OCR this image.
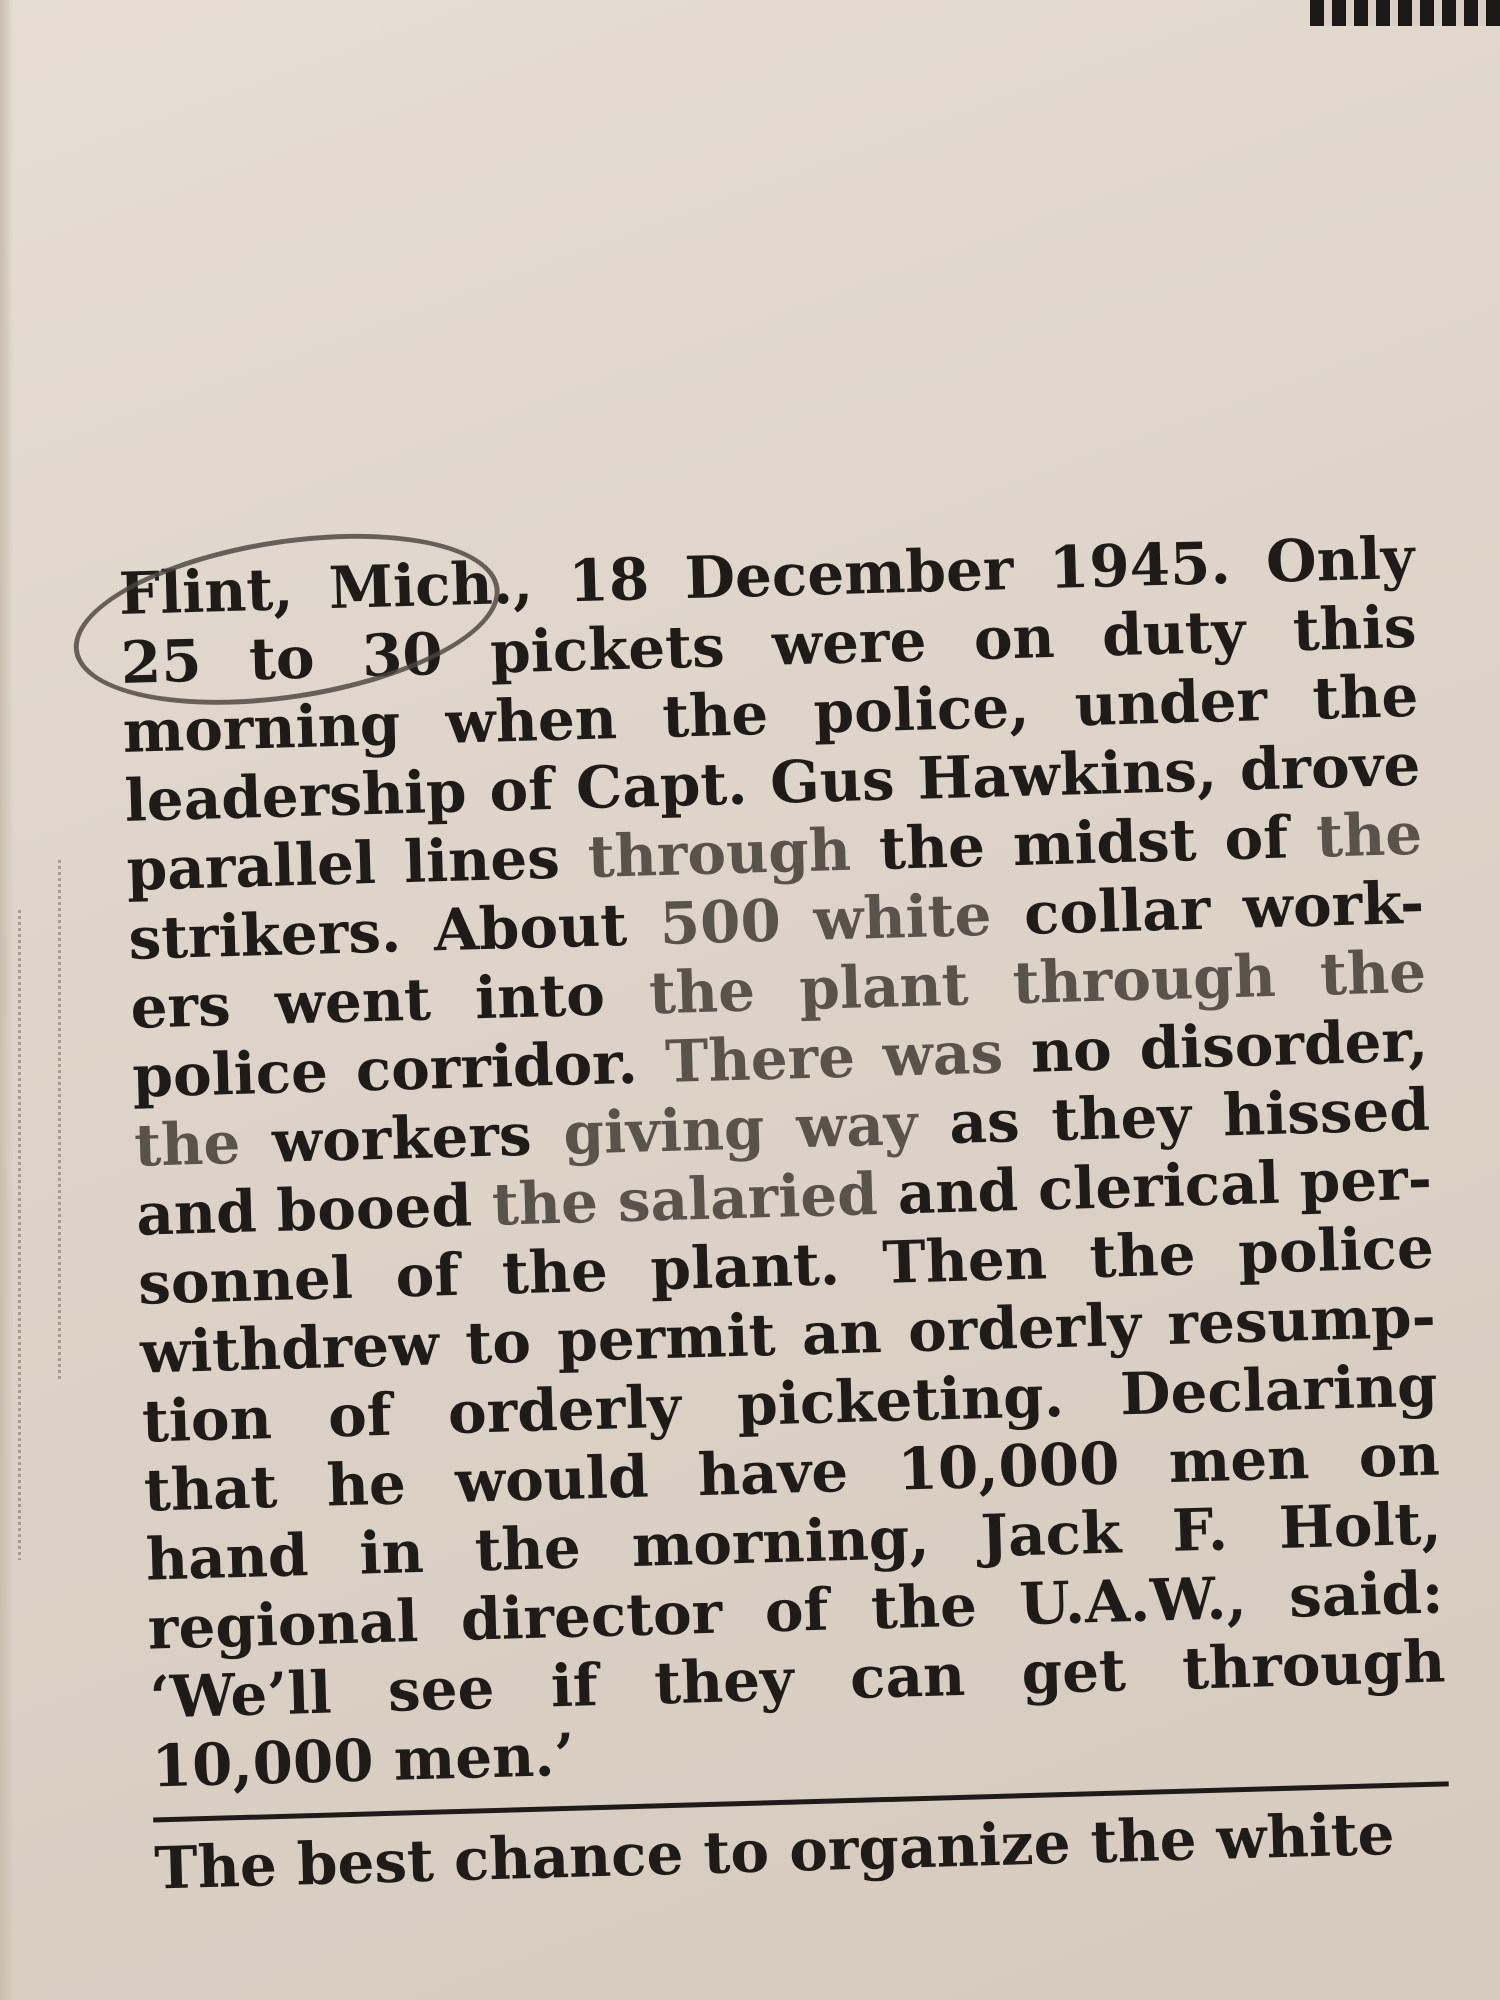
Flint, Mich., 18 December 1945. Only
25 to 30 pickets were on duty this
morning when the police, under the
leadership of Capt. Gus Hawkins, drove
parallel lines through the midst of the
strikers. About 500 white collar work-
ers went into the plant through the
police corridor. There was no disorder,
the workers giving way as they hissed
and booed the salaried and clerical per-
sonnel of the plant. Then the police
withdrew to permit an orderly resump-
tion of orderly picketing. Declaring
that he would have 10,000 men on
hand in the morning, Jack F. Holt,
regional director of the U.A.W., said:
‘We’ll see if they can get through
10,000
men.’

The best chance to organize the white
